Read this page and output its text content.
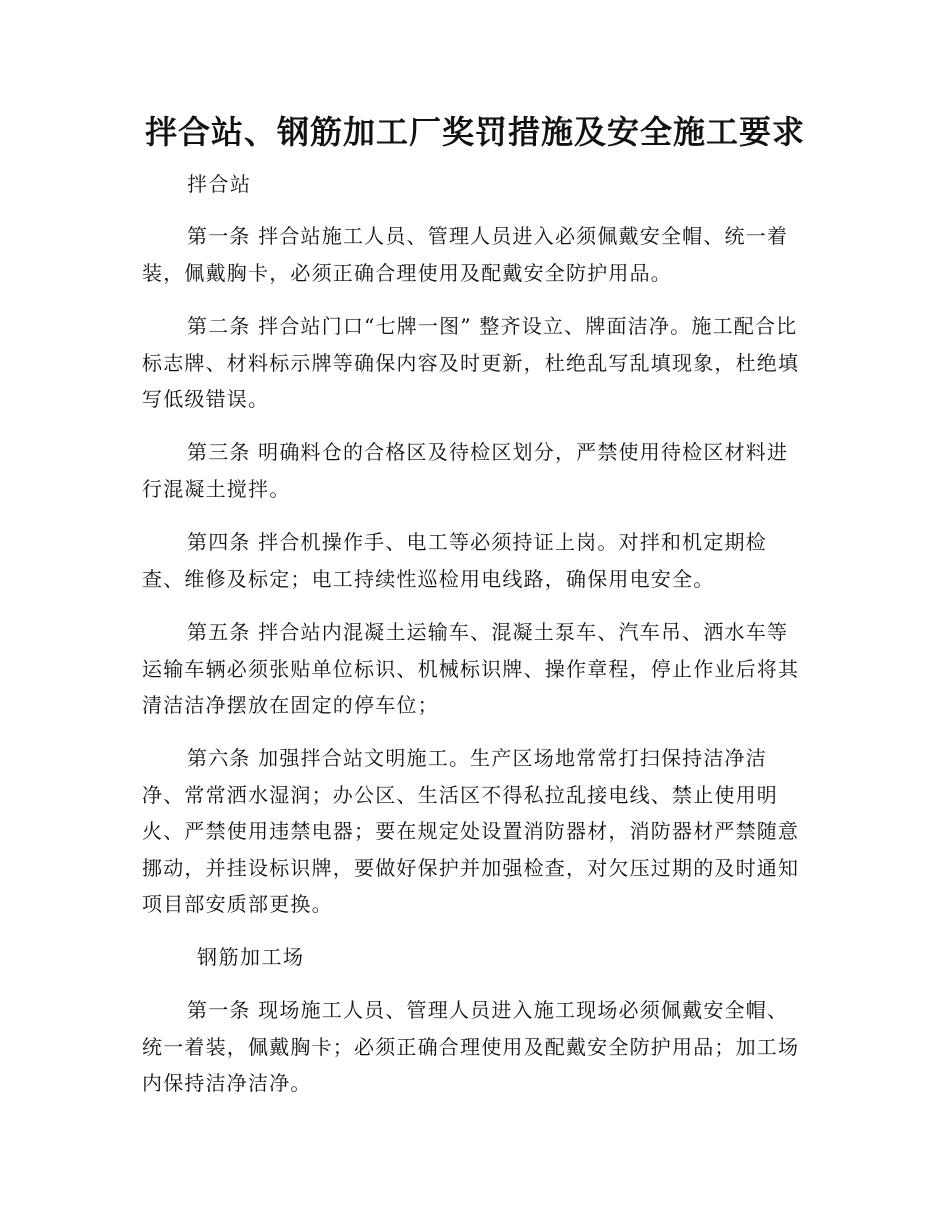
拌合站、钢筋加工厂奖罚措施及安全施工要求

拌合站

第一条 拌合站施工人员、管理人员进入必须佩戴安全帽、统一着装，佩戴胸卡，必须正确合理使用及配戴安全防护用品。

第二条 拌合站门口“七牌一图” 整齐设立、牌面洁净。施工配合比标志牌、材料标示牌等确保内容及时更新，杜绝乱写乱填现象，杜绝填写低级错误。

第三条 明确料仓的合格区及待检区划分，严禁使用待检区材料进行混凝土搅拌。

第四条 拌合机操作手、电工等必须持证上岗。对拌和机定期检查、维修及标定；电工持续性巡检用电线路，确保用电安全。

第五条 拌合站内混凝土运输车、混凝土泵车、汽车吊、洒水车等运输车辆必须张贴单位标识、机械标识牌、操作章程，停止作业后将其清洁洁净摆放在固定的停车位；

第六条 加强拌合站文明施工。生产区场地常常打扫保持洁净洁净、常常洒水湿润；办公区、生活区不得私拉乱接电线、禁止使用明火、严禁使用违禁电器；要在规定处设置消防器材，消防器材严禁随意挪动，并挂设标识牌，要做好保护并加强检查，对欠压过期的及时通知项目部安质部更换。

钢筋加工场

第一条 现场施工人员、管理人员进入施工现场必须佩戴安全帽、统一着装，佩戴胸卡；必须正确合理使用及配戴安全防护用品；加工场内保持洁净洁净。
